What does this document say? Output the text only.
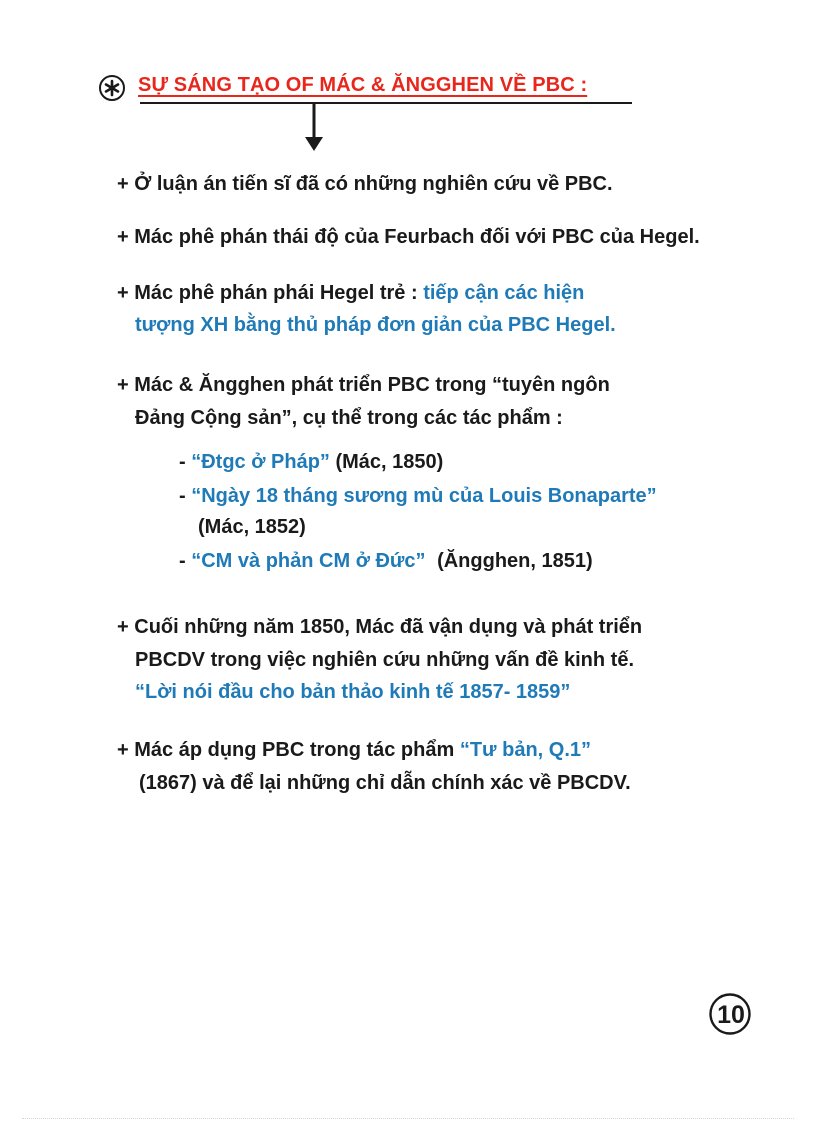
SỰ SÁNG TẠO OF MÁC & ĂNGGHEN VỀ PBC :
+ Ở luận án tiến sĩ đã có những nghiên cứu về PBC.
+ Mác phê phán thái độ của Feurbach đối với PBC của Hegel.
+ Mác phê phán phái Hegel trẻ : tiếp cận các hiện
tượng XH bằng thủ pháp đơn giản của PBC Hegel.
+ Mác & Ăngghen phát triển PBC trong “tuyên ngôn
Đảng Cộng sản”, cụ thể trong các tác phẩm :
- “Đtgc ở Pháp” (Mác, 1850)
- “Ngày 18 tháng sương mù của Louis Bonaparte”
(Mác, 1852)
- “CM và phản CM ở Đức” (Ăngghen, 1851)
+ Cuối những năm 1850, Mác đã vận dụng và phát triển
PBCDV trong việc nghiên cứu những vấn đề kinh tế.
“Lời nói đầu cho bản thảo kinh tế 1857- 1859”
+ Mác áp dụng PBC trong tác phẩm “Tư bản, Q.1”
(1867) và để lại những chỉ dẫn chính xác về PBCDV.
10
